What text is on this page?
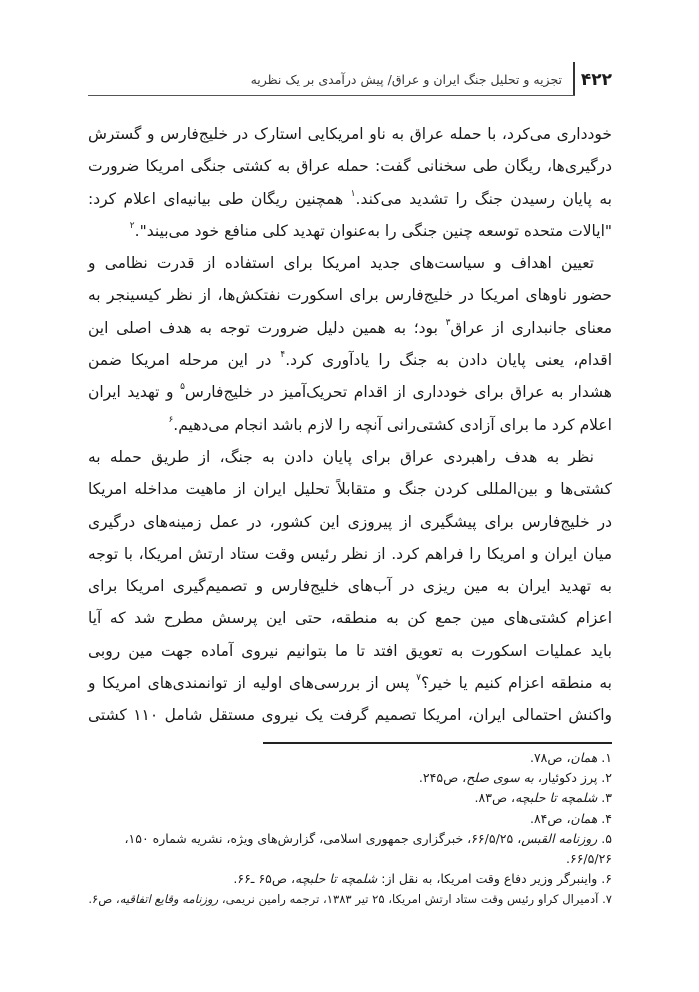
۴۲۲
تجزیه و تحلیل جنگ ایران و عراق/ پیش درآمدی بر یک نظریه
خودداری می‌کرد، با حمله عراق به ناو امریکایی استارک در خلیج‌فارس و گسترش
درگیری‌ها، ریگان طی سخنانی گفت: حمله عراق به کشتی جنگی امریکا ضرورت
به پایان رسیدن جنگ را تشدید می‌کند.$^۱$ همچنین ریگان طی بیانیه‌ای اعلام کرد:
"ایالات متحده توسعه چنین جنگی را به‌عنوان تهدید کلی منافع خود می‌بیند".$^۲$
تعیین اهداف و سیاست‌های جدید امریکا برای استفاده از قدرت نظامی و
حضور ناوهای امریکا در خلیج‌فارس برای اسکورت نفتکش‌ها، از نظر کیسینجر به
معنای جانبداری از عراق$^۳$ بود؛ به همین دلیل ضرورت توجه به هدف اصلی این
اقدام، یعنی پایان دادن به جنگ را یادآوری کرد.$^۴$ در این مرحله امریکا ضمن
هشدار به عراق برای خودداری از اقدام تحریک‌آمیز در خلیج‌فارس$^۵$ و تهدید ایران
اعلام کرد ما برای آزادی کشتی‌رانی آنچه را لازم باشد انجام می‌دهیم.$^۶$
نظر به هدف راهبردی عراق برای پایان دادن به جنگ، از طریق حمله به
کشتی‌ها و بین‌المللی کردن جنگ و متقابلاً تحلیل ایران از ماهیت مداخله امریکا
در خلیج‌فارس برای پیشگیری از پیروزی این کشور، در عمل زمینه‌های درگیری
میان ایران و امریکا را فراهم کرد. از نظر رئیس وقت ستاد ارتش امریکا، با توجه
به تهدید ایران به مین ریزی در آب‌های خلیج‌فارس و تصمیم‌گیری امریکا برای
اعزام کشتی‌های مین جمع کن به منطقه، حتی این پرسش مطرح شد که آیا
باید عملیات اسکورت به تعویق افتد تا ما بتوانیم نیروی آماده جهت مین روبی
به منطقه اعزام کنیم یا خیر؟$^۷$ پس از بررسی‌های اولیه از توانمندی‌های امریکا و
واکنش احتمالی ایران، امریکا تصمیم گرفت یک نیروی مستقل شامل ۱۱۰ کشتی
۱. همان، ص۷۸.
۲. پرز دکوئیار، به سوی صلح، ص۲۴۵.
۳. شلمچه تا حلبچه، ص۸۳.
۴. همان، ص۸۴.
۵. روزنامه القبس، ۶۶/۵/۲۵، خبرگزاری جمهوری اسلامی، گزارش‌های ویژه، نشریه شماره ۱۵۰،
۶۶/۵/۲۶.
۶. واینبرگر وزیر دفاع وقت امریکا، به نقل از: شلمچه تا حلبچه، ص۶۵ ـ۶۶.
۷. آدمیرال کراو رئیس وقت ستاد ارتش امریکا، ۲۵ تیر ۱۳۸۳، ترجمه رامین نریمی، روزنامه وقایع اتفاقیه، ص۶.
